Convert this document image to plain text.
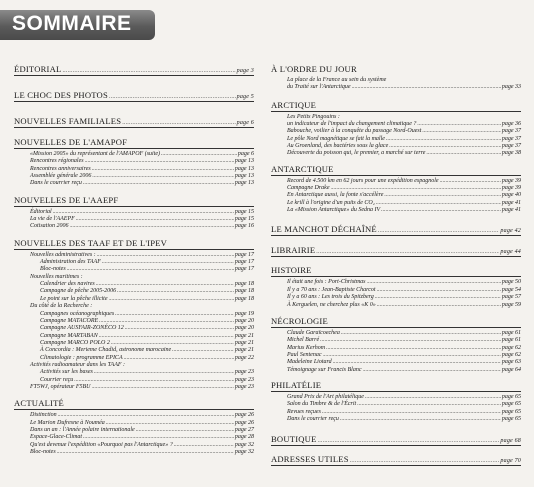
SOMMAIRE
ÉDITORIAL .....	page 3
LE CHOC DES PHOTOS .....	page 5
NOUVELLES FAMILIALES .....	page 6
NOUVELLES DE L'AMAPOF
«Mission 2005» du représentant de l'AMAPOF (suite) .....	page 6
Rencontres régionales .....	page 13
Rencontres anniversaires .....	page 13
Assemblée générale 2006 .....	page 13
Dans le courrier reçu .....	page 13
NOUVELLES DE L'AAEPF
Éditorial .....	page 15
La vie de l'AAEPF .....	page 15
Cotisation 2006 .....	page 16
NOUVELLES DES TAAF ET DE L'IPEV
Nouvelles administratives : .....	page 17
Administration des TAAF .....	page 17
Bloc-notes .....	page 17
Nouvelles maritimes :
Calendrier des navires .....	page 18
Campagne de pêche 2005-2006 .....	page 18
Le point sur la pêche illicite .....	page 18
Du côté de la Recherche :
Campagnes océanographiques .....	page 19
Campagne MATACORE .....	page 20
Campagne AUSFAIR-ZONÉCO 12 .....	page 20
Campagne MARTABAN .....	page 21
Campagne MARCO POLO 2 .....	page 21
À Concordia : Merieme Chadid, astronome marocaine .....	page 21
Climatologie : programme EPICA .....	page 22
Activités radioamateur dans les TAAF :
Activités sur les bases .....	page 23
Courrier reçu .....	page 23
FT5WJ, opérateur F5BU .....	page 23
ACTUALITÉ
Distinction .....	page 26
Le Marion Dufresne à Nouméa .....	page 26
Dans un an : l'Année polaire internationale .....	page 27
Espace-Glace-Climat .....	page 28
Qu'est devenue l'expédition «Pourquoi pas l'Antarctique» ? .....	page 32
Bloc-notes .....	page 32
À L'ORDRE DU JOUR
La place de la France au sein du système
du Traité sur l'Antarctique .....	page 33
ARCTIQUE
Les Petits Pingouins :
un indicateur de l'impact du changement climatique ? .....	page 36
Babouche, voilier à la conquête du passage Nord-Ouest .....	page 37
Le pôle Nord magnétique se fait la malle .....	page 37
Au Groenland, des bactéries sous la glace .....	page 37
Découverte du poisson qui, le premier, a marché sur terre .....	page 38
ANTARCTIQUE
Record de 4.500 km en 62 jours pour une expédition espagnole .....	page 39
Campagne Drake .....	page 39
En Antarctique aussi, la fonte s'accélère .....	page 40
Le krill à l'origine d'un puits de CO₂ .....	page 41
La «Mission Antarctique» du Sedna IV .....	page 41
LE MANCHOT DÉCHAÎNÉ .....	page 42
LIBRAIRIE .....	page 44
HISTOIRE
Il était une fois : Port-Christmas .....	page 50
Il y a 70 ans : Jean-Baptiste Charcot .....	page 54
Il y a 60 ans : Les trois du Spitzberg .....	page 57
À Kerguelen, ne cherchez plus «K 0» .....	page 59
NÉCROLOGIE
Claude Garaïcoechea .....	page 61
Michel Barré .....	page 61
Marius Kerhom .....	page 62
Paul Sentenac .....	page 62
Madeleine Liotard .....	page 63
Témoignage sur Francis Blanc .....	page 64
PHILATÉLIE
Grand Prix de l'Art philatélique .....	page 65
Salon du Timbre & de l'Écrit .....	page 65
Revues reçues .....	page 65
Dans le courrier reçu .....	page 65
BOUTIQUE .....	page 68
ADRESSES UTILES .....	page 70
